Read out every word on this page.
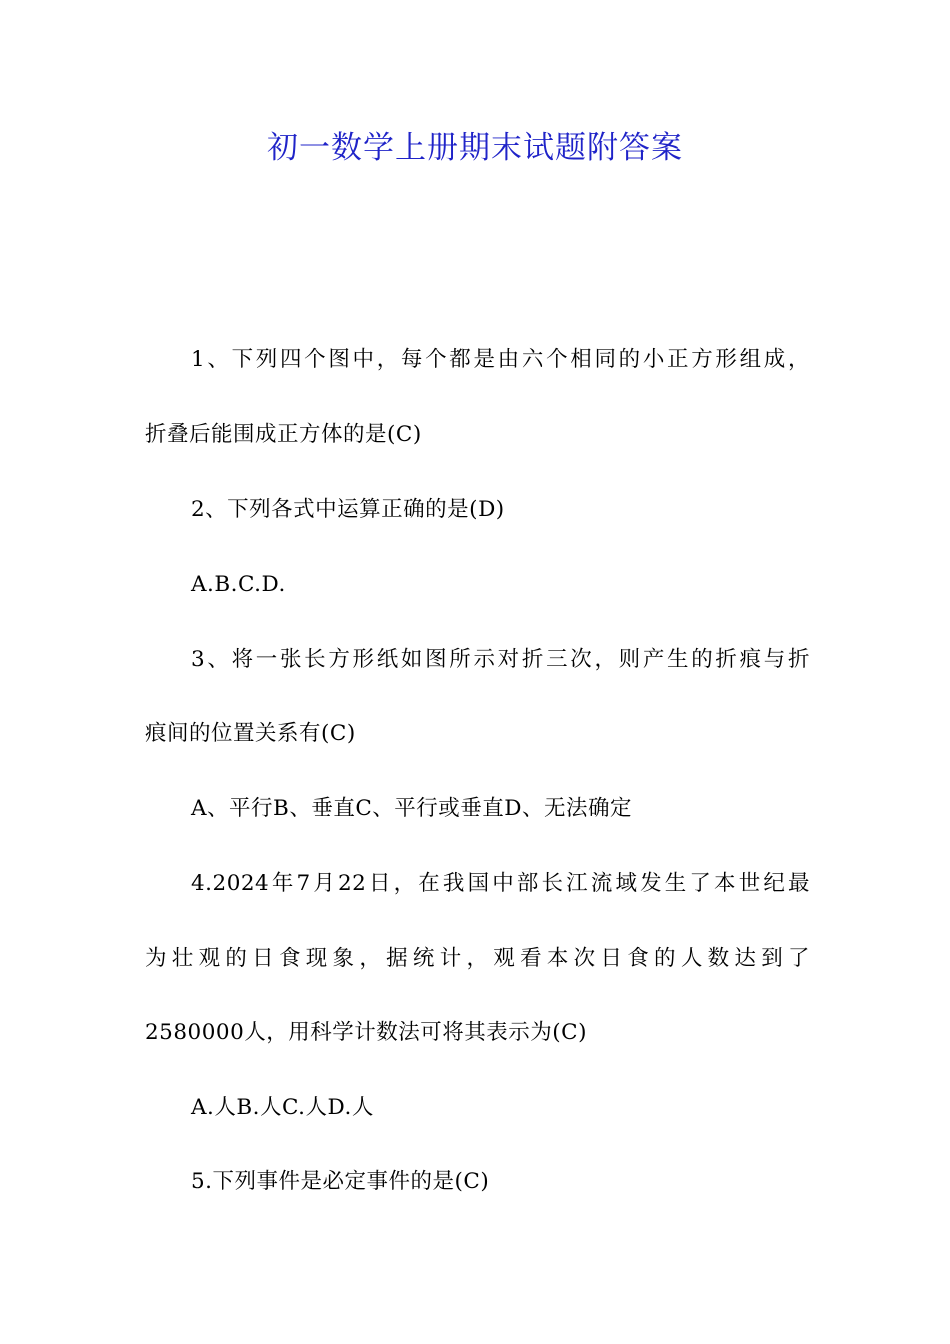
初一数学上册期末试题附答案
1、下列四个图中，每个都是由六个相同的小正方形组成，
折叠后能围成正方体的是(C)
2、下列各式中运算正确的是(D)
A.B.C.D.
3、将一张长方形纸如图所示对折三次，则产生的折痕与折
痕间的位置关系有(C)
A、平行B、垂直C、平行或垂直D、无法确定
4.2024年7月22日，在我国中部长江流域发生了本世纪最
为壮观的日食现象，据统计，观看本次日食的人数达到了
2580000人，用科学计数法可将其表示为(C)
A.人B.人C.人D.人
5.下列事件是必定事件的是(C)
